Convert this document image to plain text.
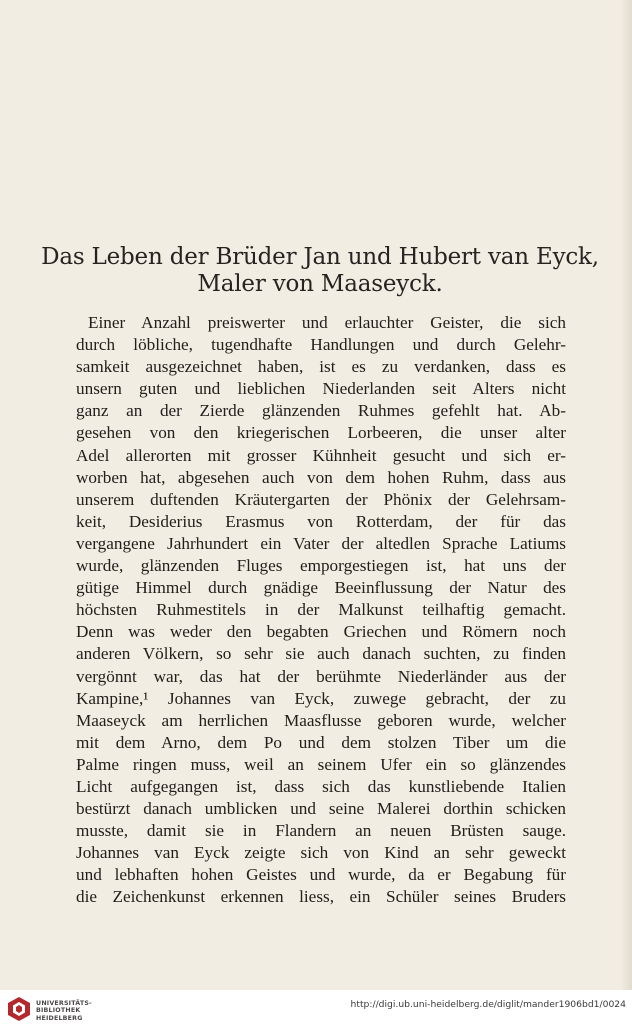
Das Leben der Brüder Jan und Hubert van Eyck,
Maler von Maaseyck.
Einer Anzahl preiswerter und erlauchter Geister, die sich
durch löbliche, tugendhafte Handlungen und durch Gelehr-
samkeit ausgezeichnet haben, ist es zu verdanken, dass es
unsern guten und lieblichen Niederlanden seit Alters nicht
ganz an der Zierde glänzenden Ruhmes gefehlt hat. Ab-
gesehen von den kriegerischen Lorbeeren, die unser alter
Adel allerorten mit grosser Kühnheit gesucht und sich er-
worben hat, abgesehen auch von dem hohen Ruhm, dass aus
unserem duftenden Kräutergarten der Phönix der Gelehrsam-
keit, Desiderius Erasmus von Rotterdam, der für das
vergangene Jahrhundert ein Vater der altedlen Sprache Latiums
wurde, glänzenden Fluges emporgestiegen ist, hat uns der
gütige Himmel durch gnädige Beeinflussung der Natur des
höchsten Ruhmestitels in der Malkunst teilhaftig gemacht.
Denn was weder den begabten Griechen und Römern noch
anderen Völkern, so sehr sie auch danach suchten, zu finden
vergönnt war, das hat der berühmte Niederländer aus der
Kampine,¹ Johannes van Eyck, zuwege gebracht, der zu
Maaseyck am herrlichen Maasflusse geboren wurde, welcher
mit dem Arno, dem Po und dem stolzen Tiber um die
Palme ringen muss, weil an seinem Ufer ein so glänzendes
Licht aufgegangen ist, dass sich das kunstliebende Italien
bestürzt danach umblicken und seine Malerei dorthin schicken
musste, damit sie in Flandern an neuen Brüsten sauge.
Johannes van Eyck zeigte sich von Kind an sehr geweckt
und lebhaften hohen Geistes und wurde, da er Begabung für
die Zeichenkunst erkennen liess, ein Schüler seines Bruders
UNIVERSITÄTS-
BIBLIOTHEK
HEIDELBERG
http://digi.ub.uni-heidelberg.de/diglit/mander1906bd1/0024
